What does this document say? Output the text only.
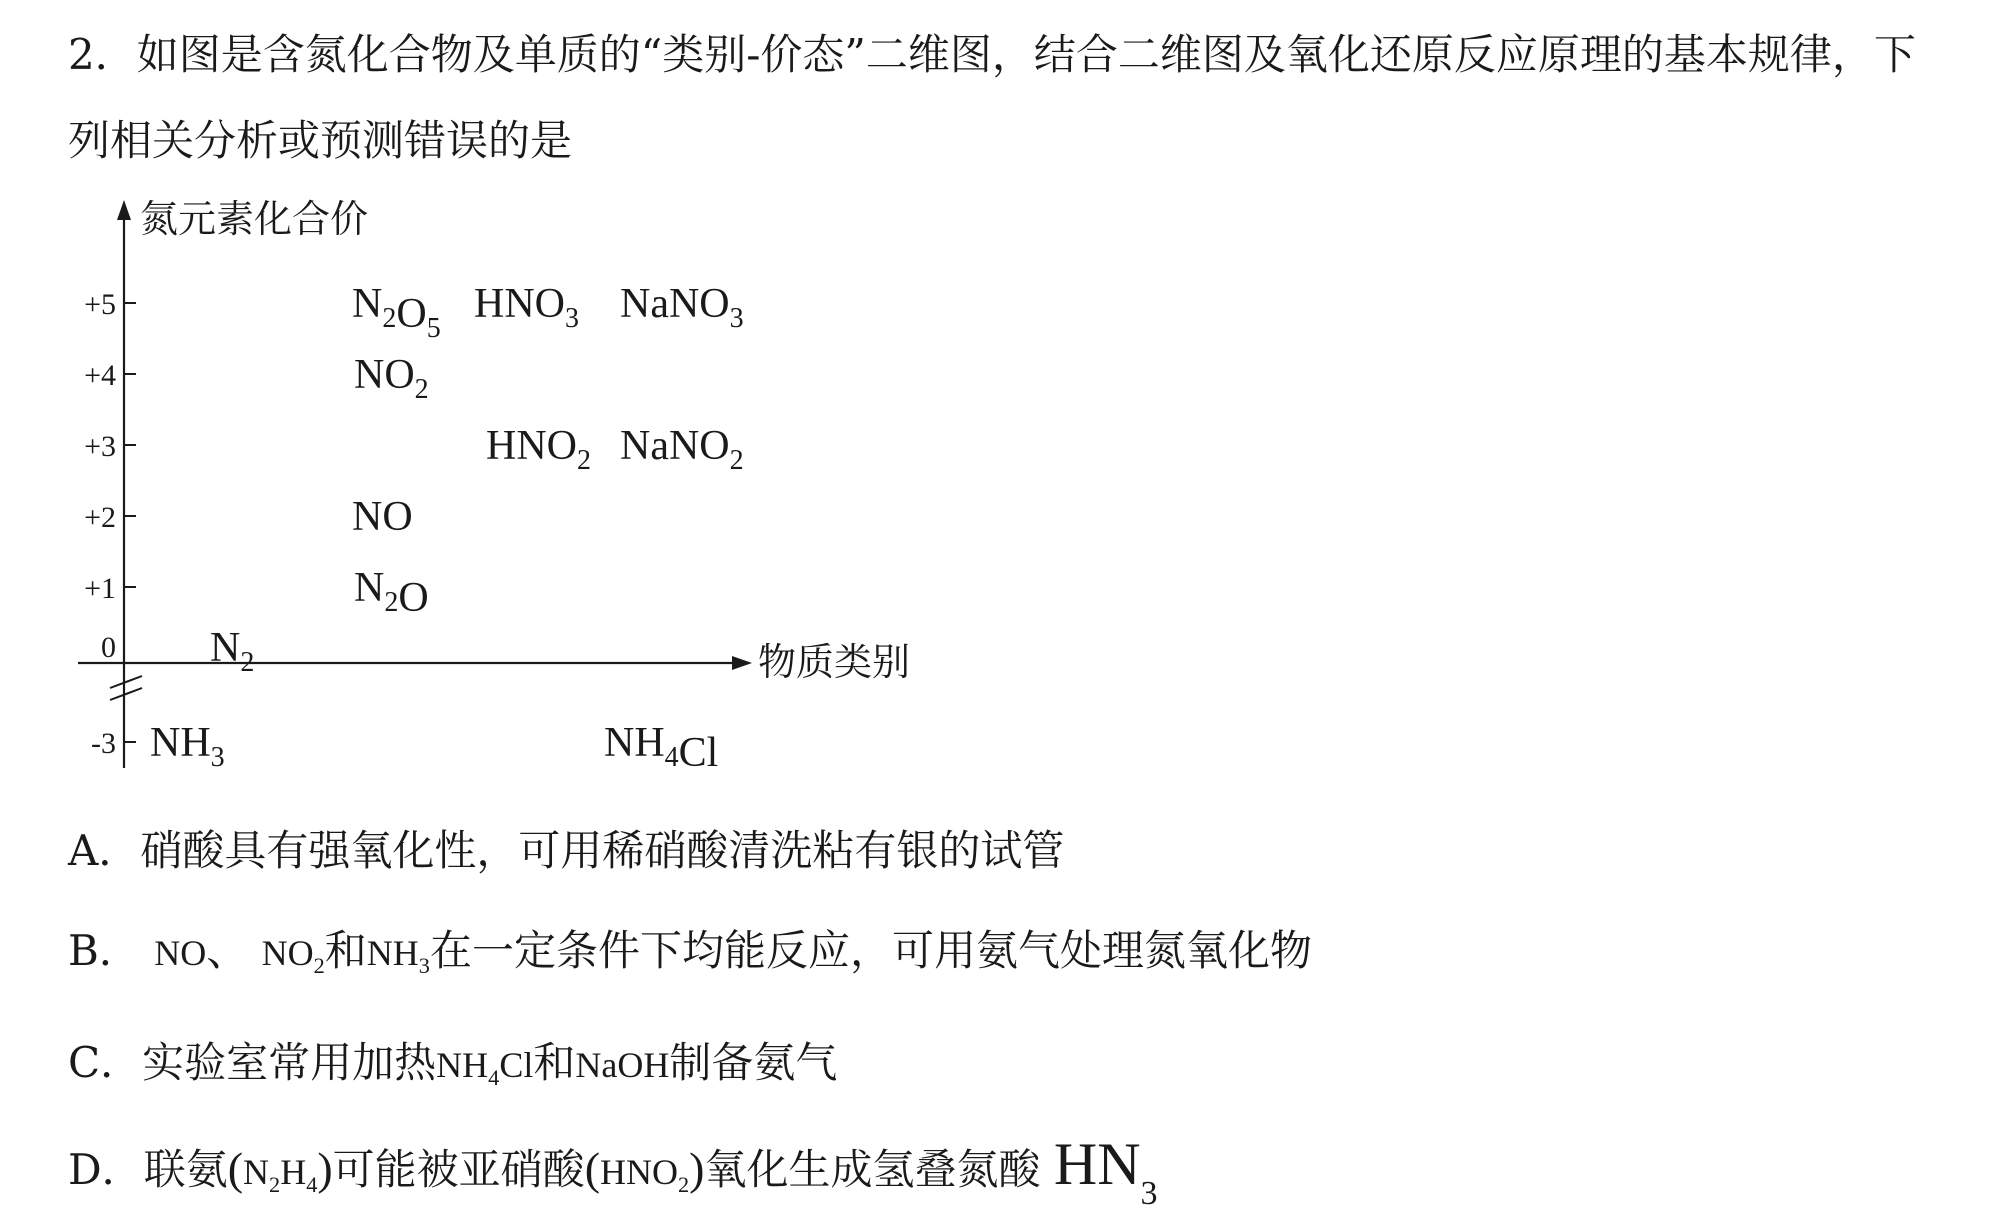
2．如图是含氮化合物及单质的“类别-价态”二维图，结合二维图及氧化还原反应原理的基本规律，下
列相关分析或预测错误的是
氮元素化合价
物质类别
+5
+4
+3
+2
+1
0
-3
$N_2O_5$
$HNO_3$ NaNO$_3$
$NO_2$
$HNO_2$ NaNO$_2$
NO
$N_2O$
$N_2$
$NH_3$	$NH_4Cl$
A．硝酸具有强氧化性，可用稀硝酸清洗粘有银的试管
B． NO、 $NO_2$和$NH_3$在一定条件下均能反应，可用氨气处理氮氧化物
C．实验室常用加热$NH_4Cl$和NaOH制备氨气
D．联氨$(N_2H_4)$可能被亚硝酸$(HNO_2)$氧化生成氢叠氮酸 $HN_3$
